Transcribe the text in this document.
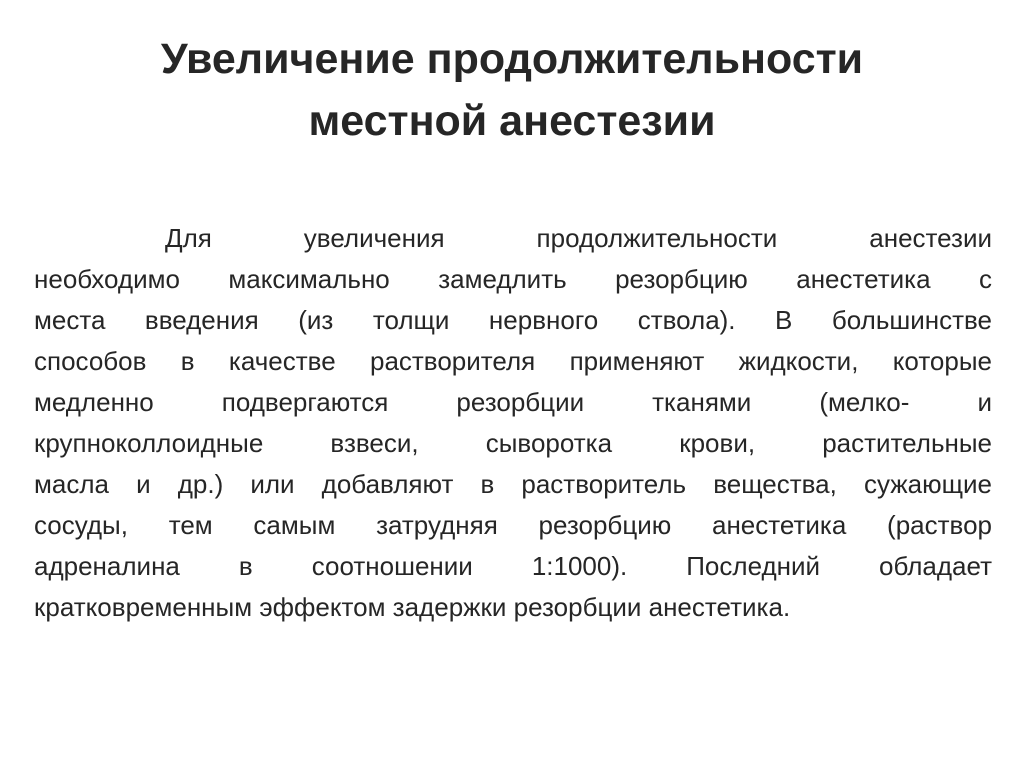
Увеличение продолжительности
местной анестезии
Для увеличения продолжительности анестезии
необходимо максимально замедлить резорбцию анестетика с
места введения (из толщи нервного ствола). В большинстве
способов в качестве растворителя применяют жидкости, которые
медленно подвергаются резорбции тканями (мелко- и
крупноколлоидные взвеси, сыворотка крови, растительные
масла и др.) или добавляют в растворитель вещества, сужающие
сосуды, тем самым затрудняя резорбцию анестетика (раствор
адреналина в соотношении 1:1000). Последний обладает
кратковременным эффектом задержки резорбции анестетика.
